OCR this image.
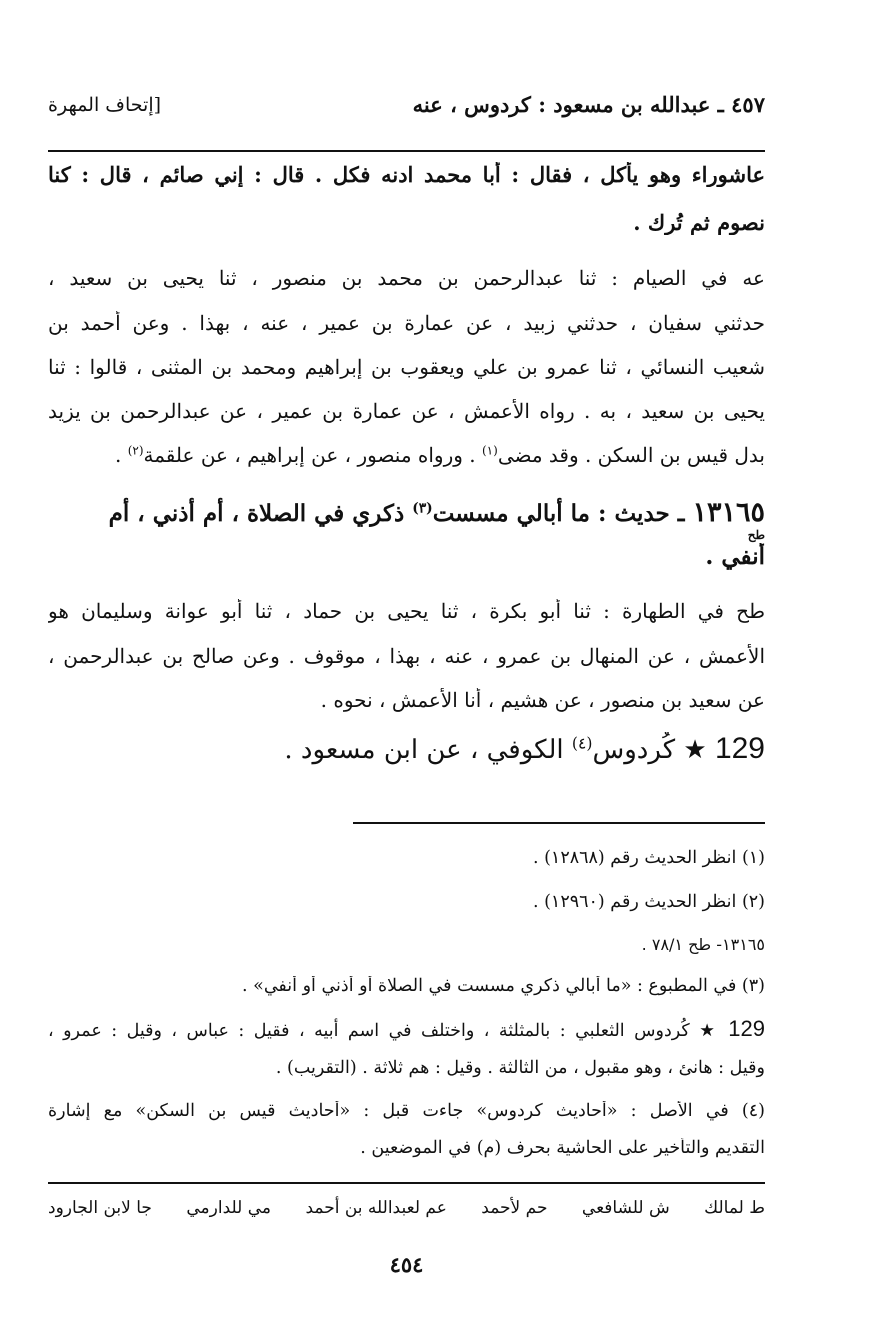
٤٥٧ ـ عبدالله بن مسعود : كردوس ، عنه
[إتحاف المهرة
عاشوراء وهو يأكل ، فقال : أبا محمد ادنه فكل . قال : إني صائم ، قال : كنا
نصوم ثم تُرِك .
عه في الصيام : ثنا عبدالرحمن بن محمد بن منصور ، ثنا يحيى بن سعيد ،
حدثني سفيان ، حدثني زبيد ، عن عمارة بن عمير ، عنه ، بهذا . وعن أحمد بن
شعيب النسائي ، ثنا عمرو بن علي ويعقوب بن إبراهيم ومحمد بن المثنى ، قالوا : ثنا
يحيى بن سعيد ، به . رواه الأعمش ، عن عمارة بن عمير ، عن عبدالرحمن بن يزيد
بدل قيس بن السكن . وقد مضى$^{(١)}$ . ورواه منصور ، عن إبراهيم ، عن علقمة$^{(٢)}$ .
١٣١٦٥ ـ حديث : ما أبالي مسست$^{(٣)}$ ذكري في الصلاة ، أم أذني ، أم
طح
أنفي .
طح في الطهارة : ثنا أبو بكرة ، ثنا يحيى بن حماد ، ثنا أبو عوانة وسليمان هو
الأعمش ، عن المنهال بن عمرو ، عنه ، بهذا ، موقوف . وعن صالح بن عبدالرحمن ،
عن سعيد بن منصور ، عن هشيم ، أنا الأعمش ، نحوه .
129 ★ كُردوس$^{(٤)}$ الكوفي ، عن ابن مسعود .
(١) انظر الحديث رقم (١٢٨٦٨) .
(٢) انظر الحديث رقم (١٢٩٦٠) .
١٣١٦٥- طح ٧٨/١ .
(٣) في المطبوع : «ما أبالي ذكري مسست في الصلاة أو أذني أو أنفي» .
129 ★ كُردوس الثعلبي : بالمثلثة ، واختلف في اسم أبيه ، فقيل : عباس ، وقيل : عمرو ،
وقيل : هانئ ، وهو مقبول ، من الثالثة . وقيل : هم ثلاثة . (التقريب) .
(٤) في الأصل : «أحاديث كردوس» جاءت قبل : «أحاديث قيس بن السكن» مع إشارة
التقديم والتأخير على الحاشية بحرف (م) في الموضعين .
ط لمالك
ش للشافعي
حم لأحمد
عم لعبدالله بن أحمد
مي للدارمي
جا لابن الجارود
٤٥٤
